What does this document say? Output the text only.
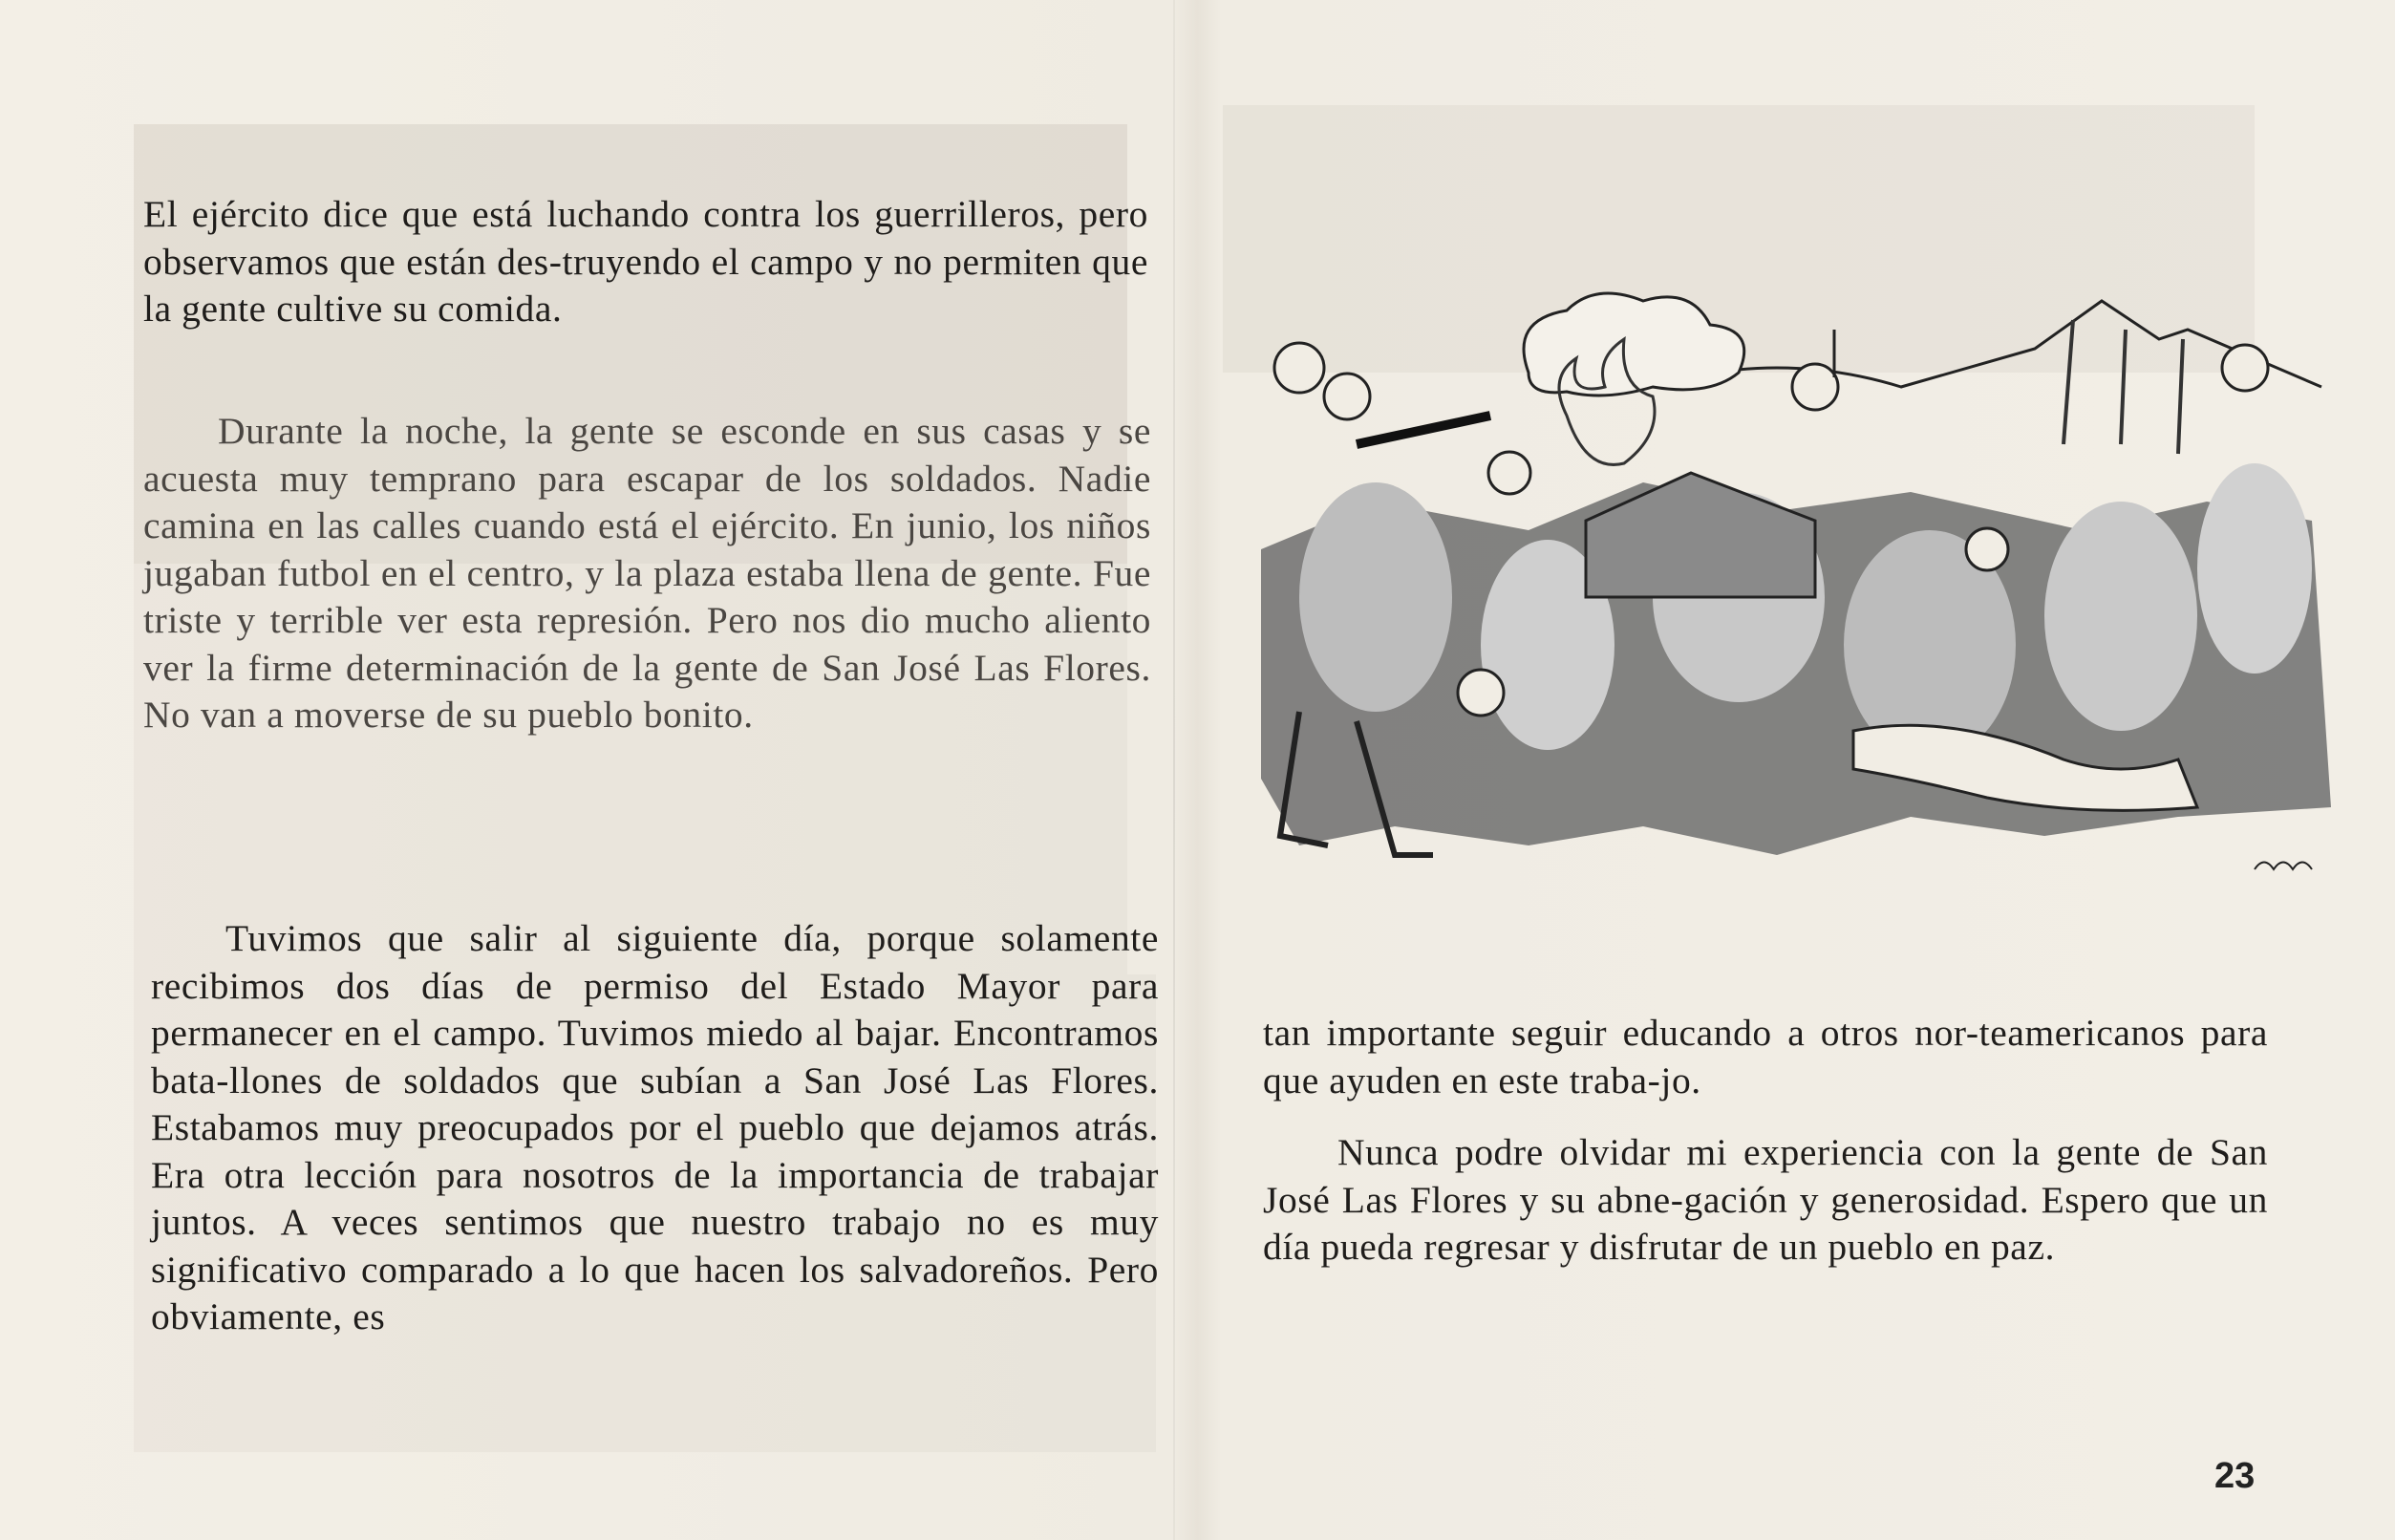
El ejército dice que está luchando contra los guerrilleros, pero observamos que están des-truyendo el campo y no permiten que la gente cultive su comida.

Durante la noche, la gente se esconde en sus casas y se acuesta muy temprano para escapar de los soldados. Nadie camina en las calles cuando está el ejército. En junio, los niños jugaban futbol en el centro, y la plaza estaba llena de gente. Fue triste y terrible ver esta represión. Pero nos dio mucho aliento ver la firme determinación de la gente de San José Las Flores. No van a moverse de su pueblo bonito.

Tuvimos que salir al siguiente día, porque solamente recibimos dos días de permiso del Estado Mayor para permanecer en el campo. Tuvimos miedo al bajar. Encontramos bata-llones de soldados que subían a San José Las Flores. Estabamos muy preocupados por el pueblo que dejamos atrás. Era otra lección para nosotros de la importancia de trabajar juntos. A veces sentimos que nuestro trabajo no es muy significativo comparado a lo que hacen los salvadoreños. Pero obviamente, es

tan importante seguir educando a otros nor-teamericanos para que ayuden en este traba-jo.

Nunca podre olvidar mi experiencia con la gente de San José Las Flores y su abne-gación y generosidad. Espero que un día pueda regresar y disfrutar de un pueblo en paz.

23
